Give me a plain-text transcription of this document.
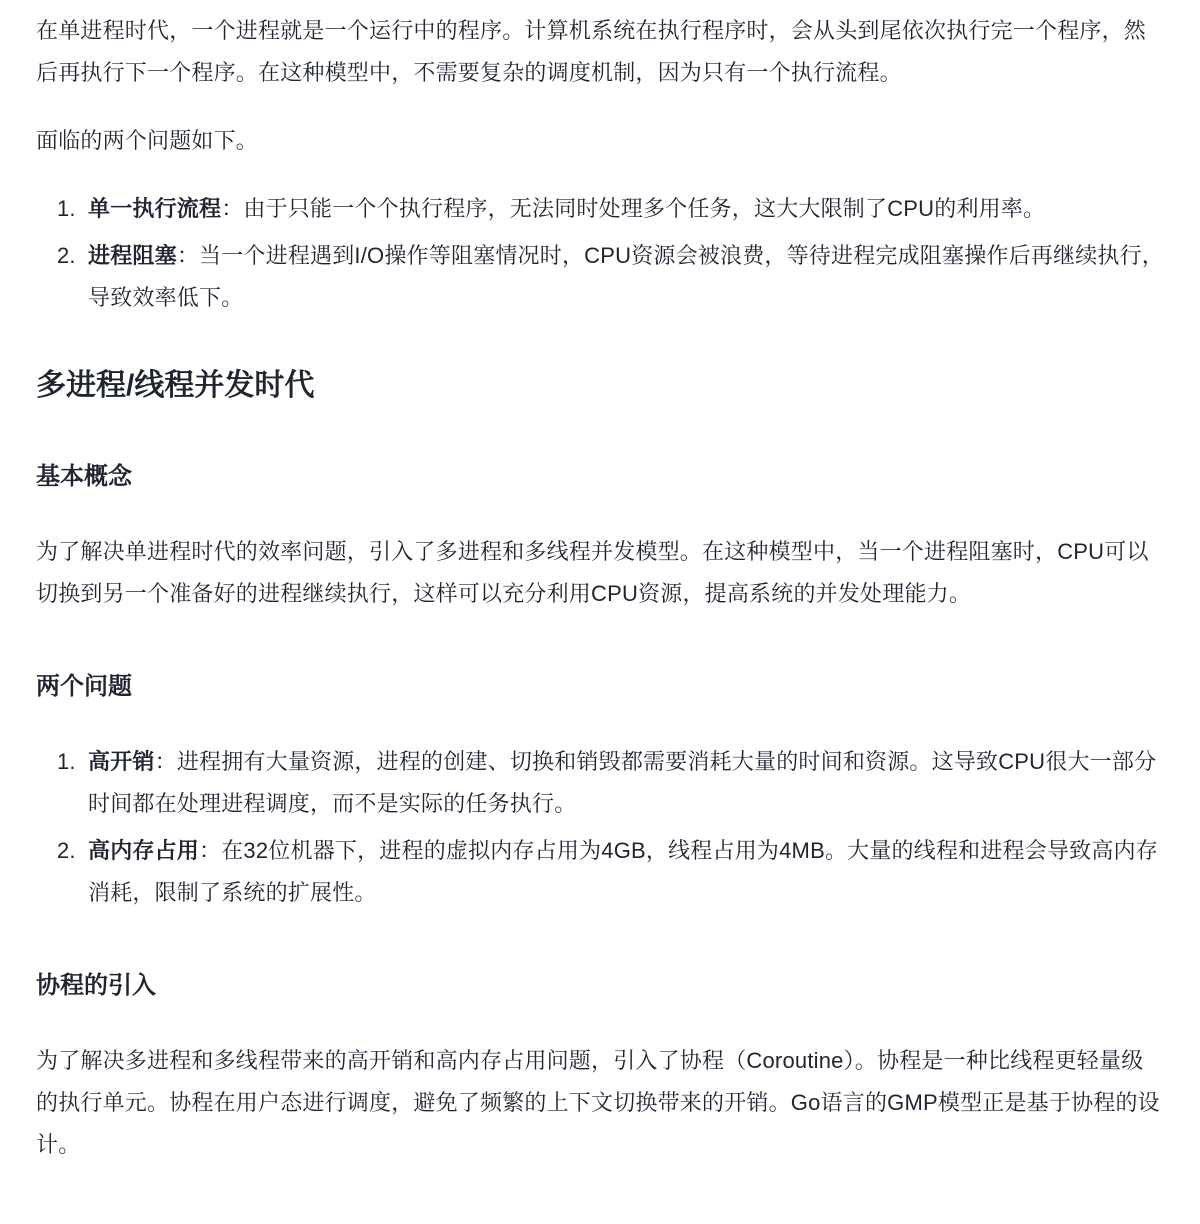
在单进程时代，一个进程就是一个运行中的程序。计算机系统在执行程序时，会从头到尾依次执行完一个程序，然后再执行下一个程序。在这种模型中，不需要复杂的调度机制，因为只有一个执行流程。

面临的两个问题如下。

1. 单一执行流程：由于只能一个个执行程序，无法同时处理多个任务，这大大限制了CPU的利用率。
2. 进程阻塞：当一个进程遇到I/O操作等阻塞情况时，CPU资源会被浪费，等待进程完成阻塞操作后再继续执行，导致效率低下。
多进程/线程并发时代
基本概念

为了解决单进程时代的效率问题，引入了多进程和多线程并发模型。在这种模型中，当一个进程阻塞时，CPU可以切换到另一个准备好的进程继续执行，这样可以充分利用CPU资源，提高系统的并发处理能力。

两个问题
1. 高开销：进程拥有大量资源，进程的创建、切换和销毁都需要消耗大量的时间和资源。这导致CPU很大一部分时间都在处理进程调度，而不是实际的任务执行。
2. 高内存占用：在32位机器下，进程的虚拟内存占用为4GB，线程占用为4MB。大量的线程和进程会导致高内存消耗，限制了系统的扩展性。
协程的引入

为了解决多进程和多线程带来的高开销和高内存占用问题，引入了协程（Coroutine）。协程是一种比线程更轻量级的执行单元。协程在用户态进行调度，避免了频繁的上下文切换带来的开销。Go语言的GMP模型正是基于协程的设计。
